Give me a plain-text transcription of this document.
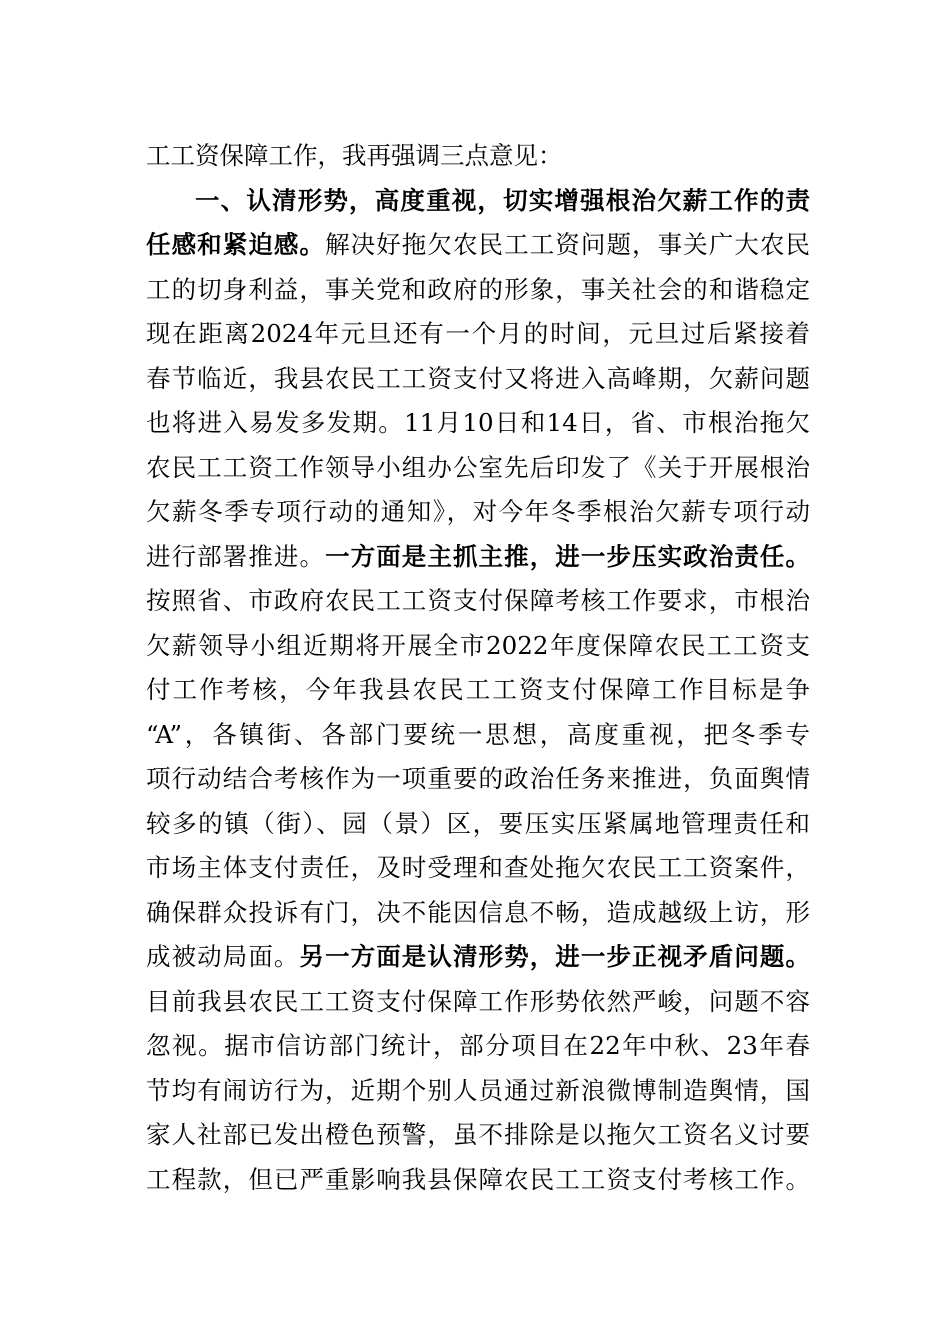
工工资保障工作，我再强调三点意见：
一、认清形势，高度重视，切实增强根治欠薪工作的责
任感和紧迫感。解决好拖欠农民工工资问题，事关广大农民
工的切身利益，事关党和政府的形象，事关社会的和谐稳定
现在距离2024年元旦还有一个月的时间，元旦过后紧接着
春节临近，我县农民工工资支付又将进入高峰期，欠薪问题
也将进入易发多发期。11月10日和14日，省、市根治拖欠
农民工工资工作领导小组办公室先后印发了《关于开展根治
欠薪冬季专项行动的通知》，对今年冬季根治欠薪专项行动
进行部署推进。一方面是主抓主推，进一步压实政治责任。
按照省、市政府农民工工资支付保障考核工作要求，市根治
欠薪领导小组近期将开展全市2022年度保障农民工工资支
付工作考核，今年我县农民工工资支付保障工作目标是争
“A”，各镇街、各部门要统一思想，高度重视，把冬季专
项行动结合考核作为一项重要的政治任务来推进，负面舆情
较多的镇（街）、园（景）区，要压实压紧属地管理责任和
市场主体支付责任，及时受理和查处拖欠农民工工资案件，
确保群众投诉有门，决不能因信息不畅，造成越级上访，形
成被动局面。另一方面是认清形势，进一步正视矛盾问题。
目前我县农民工工资支付保障工作形势依然严峻，问题不容
忽视。据市信访部门统计，部分项目在22年中秋、23年春
节均有闹访行为，近期个别人员通过新浪微博制造舆情，国
家人社部已发出橙色预警，虽不排除是以拖欠工资名义讨要
工程款，但已严重影响我县保障农民工工资支付考核工作。
